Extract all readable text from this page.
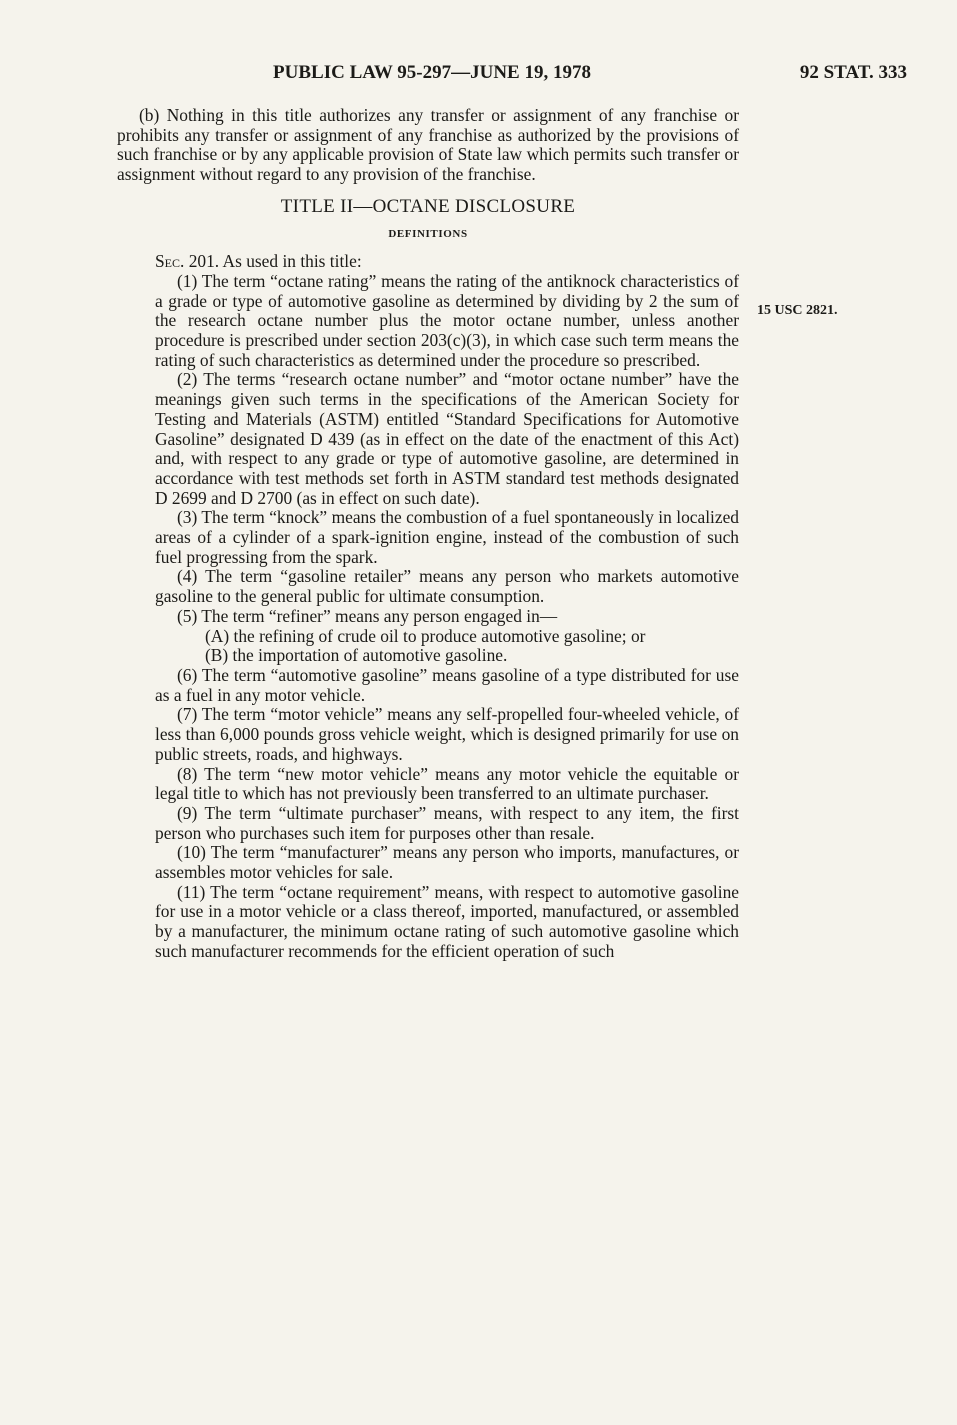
PUBLIC LAW 95-297—JUNE 19, 1978	92 STAT. 333
15 USC 2821.

(b) Nothing in this title authorizes any transfer or assignment of any franchise or prohibits any transfer or assignment of any franchise as authorized by the provisions of such franchise or by any applicable provision of State law which permits such transfer or assignment without regard to any provision of the franchise.

TITLE II—OCTANE DISCLOSURE

DEFINITIONS

Sec. 201. As used in this title:

(1) The term “octane rating” means the rating of the antiknock characteristics of a grade or type of automotive gasoline as determined by dividing by 2 the sum of the research octane number plus the motor octane number, unless another procedure is prescribed under section 203(c)(3), in which case such term means the rating of such characteristics as determined under the procedure so prescribed.

(2) The terms “research octane number” and “motor octane number” have the meanings given such terms in the specifications of the American Society for Testing and Materials (ASTM) entitled “Standard Specifications for Automotive Gasoline” designated D 439 (as in effect on the date of the enactment of this Act) and, with respect to any grade or type of automotive gasoline, are determined in accordance with test methods set forth in ASTM standard test methods designated D 2699 and D 2700 (as in effect on such date).

(3) The term “knock” means the combustion of a fuel spontaneously in localized areas of a cylinder of a spark-ignition engine, instead of the combustion of such fuel progressing from the spark.

(4) The term “gasoline retailer” means any person who markets automotive gasoline to the general public for ultimate consumption.

(5) The term “refiner” means any person engaged in—

(A) the refining of crude oil to produce automotive gasoline; or

(B) the importation of automotive gasoline.

(6) The term “automotive gasoline” means gasoline of a type distributed for use as a fuel in any motor vehicle.

(7) The term “motor vehicle” means any self-propelled four-wheeled vehicle, of less than 6,000 pounds gross vehicle weight, which is designed primarily for use on public streets, roads, and highways.

(8) The term “new motor vehicle” means any motor vehicle the equitable or legal title to which has not previously been transferred to an ultimate purchaser.

(9) The term “ultimate purchaser” means, with respect to any item, the first person who purchases such item for purposes other than resale.

(10) The term “manufacturer” means any person who imports, manufactures, or assembles motor vehicles for sale.

(11) The term “octane requirement” means, with respect to automotive gasoline for use in a motor vehicle or a class thereof, imported, manufactured, or assembled by a manufacturer, the minimum octane rating of such automotive gasoline which such manufacturer recommends for the efficient operation of such
